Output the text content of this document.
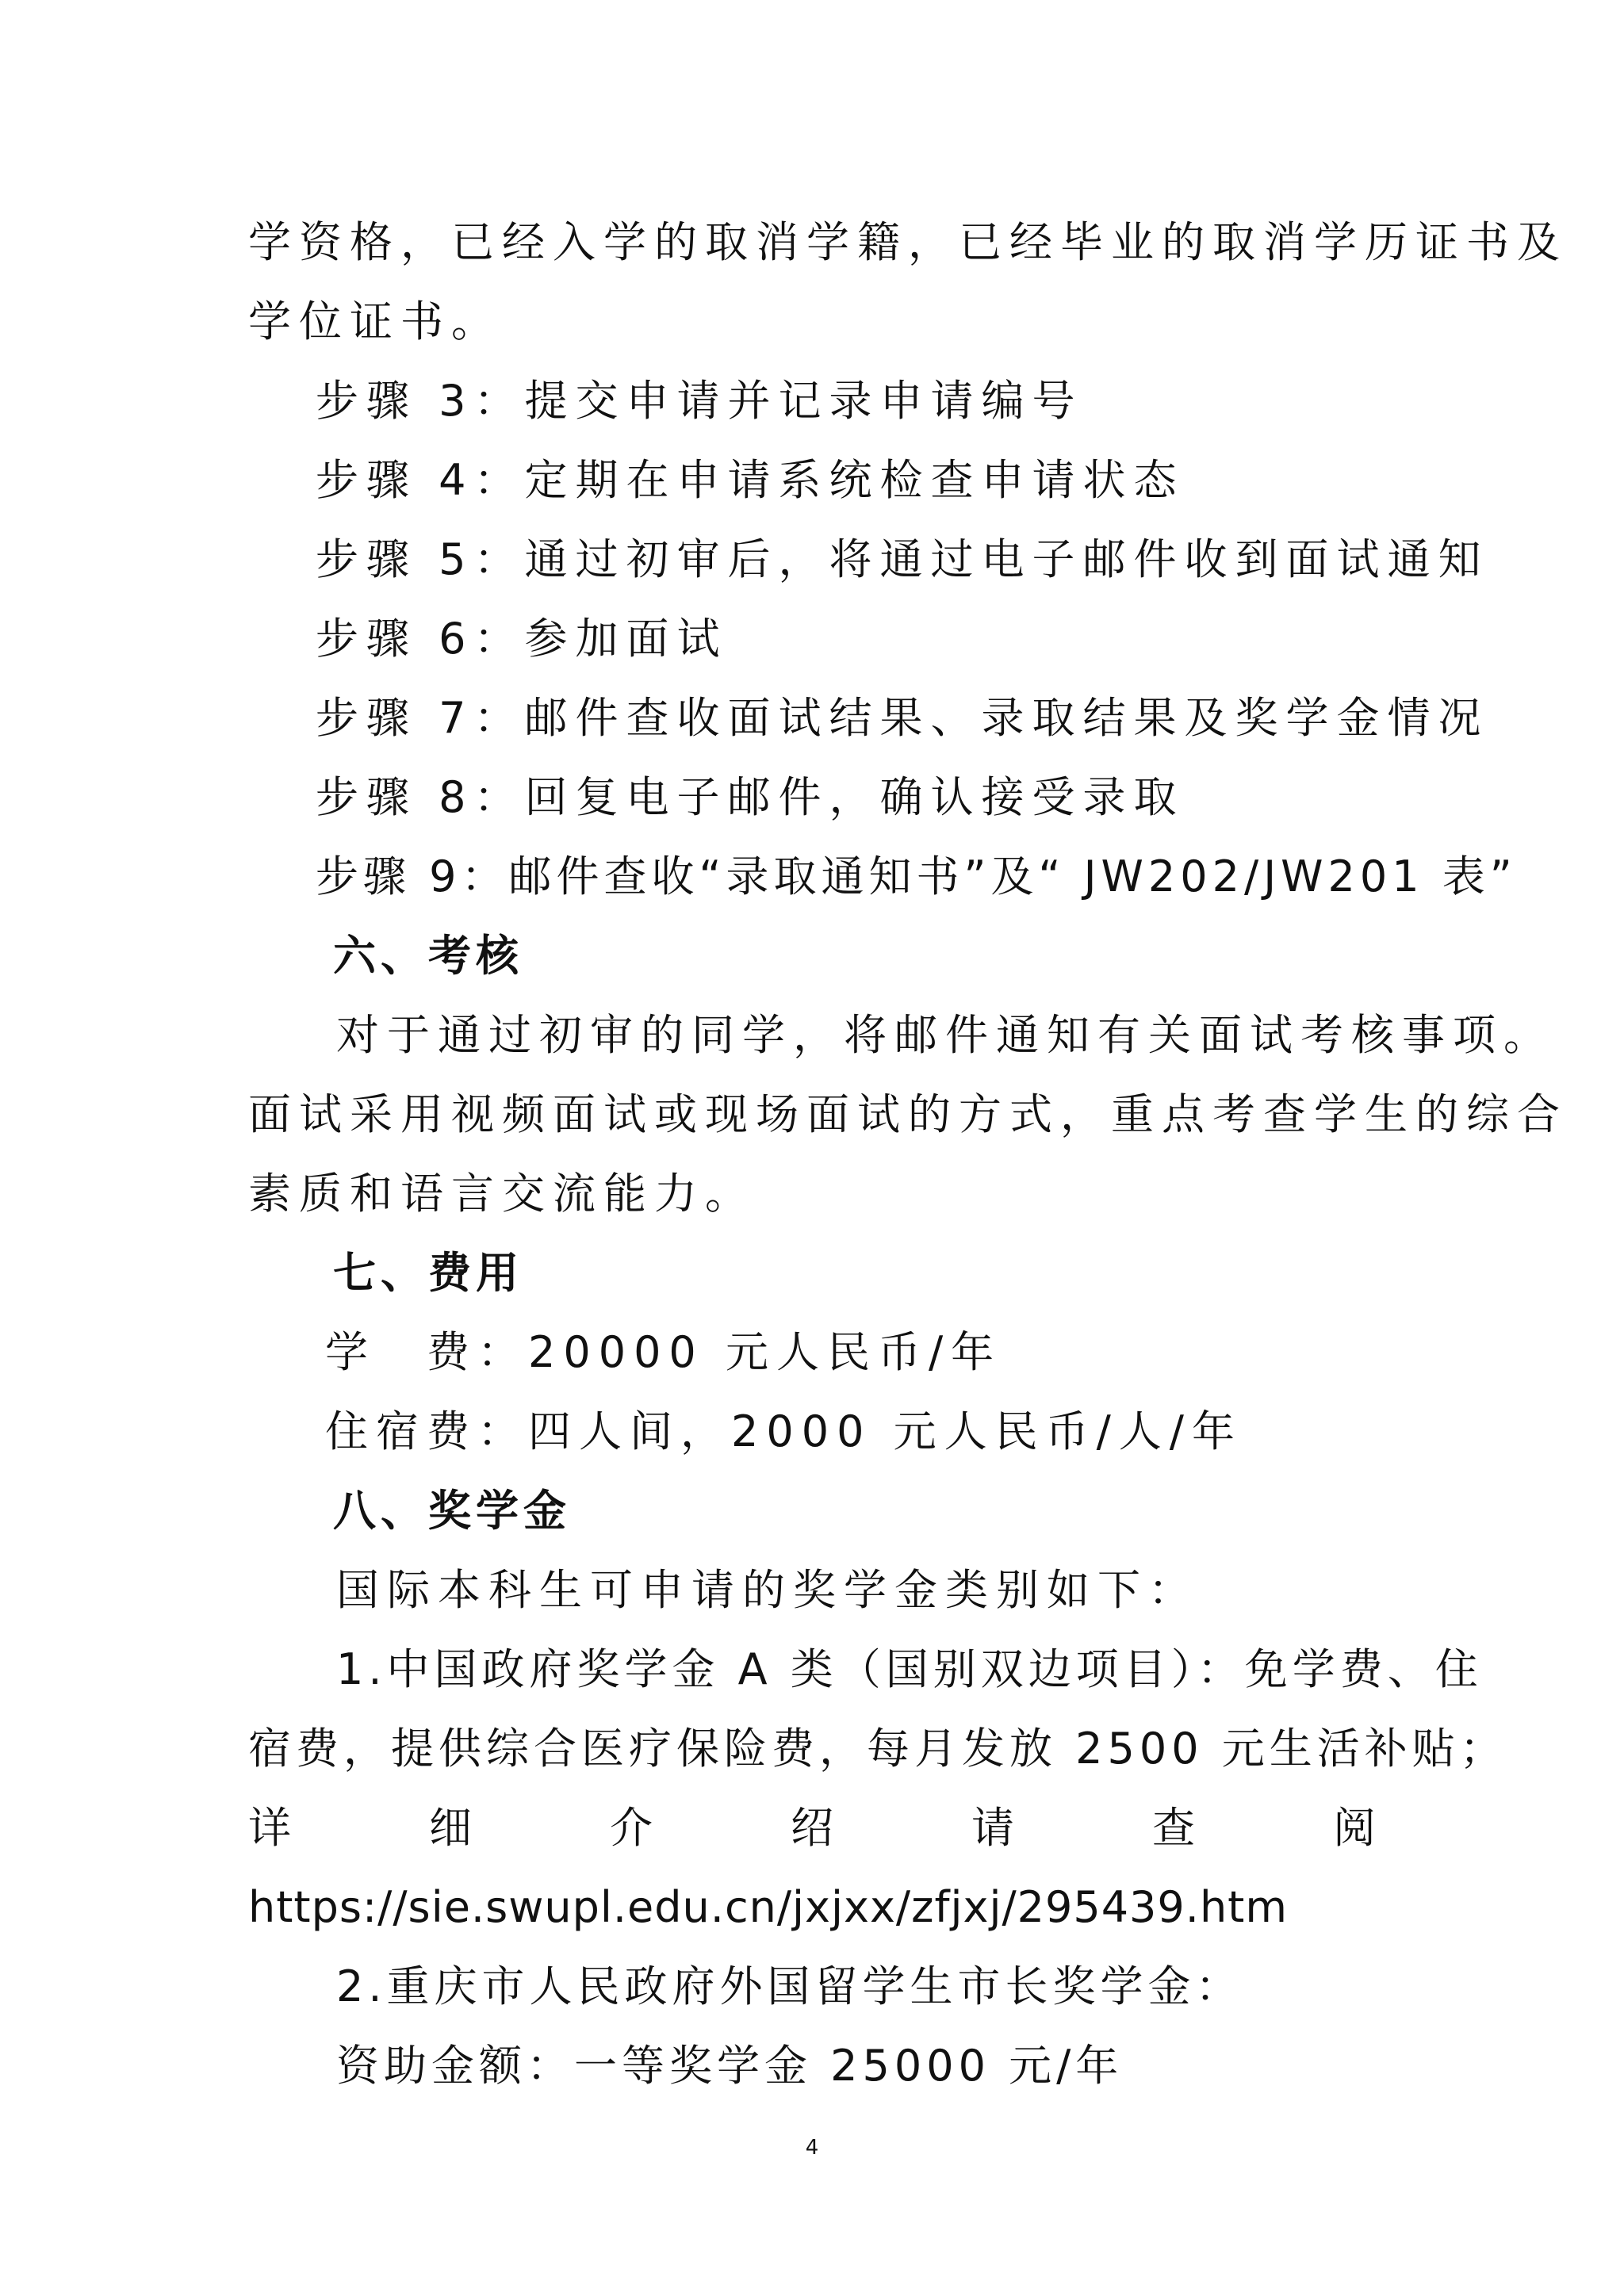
学资格，已经入学的取消学籍，已经毕业的取消学历证书及
学位证书。
步骤 3：提交申请并记录申请编号
步骤 4：定期在申请系统检查申请状态
步骤 5：通过初审后，将通过电子邮件收到面试通知
步骤 6：参加面试
步骤 7：邮件查收面试结果、录取结果及奖学金情况
步骤 8：回复电子邮件，确认接受录取
步骤 9：邮件查收“录取通知书”及“ JW202/JW201 表”
六、考核
对于通过初审的同学，将邮件通知有关面试考核事项。
面试采用视频面试或现场面试的方式，重点考查学生的综合
素质和语言交流能力。
七、费用
学　费：20000 元人民币/年
住宿费：四人间，2000 元人民币/人/年
八、奖学金
国际本科生可申请的奖学金类别如下：
1.中国政府奖学金 A 类（国别双边项目）：免学费、住
宿费，提供综合医疗保险费，每月发放 2500 元生活补贴；
详	细	介	绍	请	查	阅
https://sie.swupl.edu.cn/jxjxx/zfjxj/295439.htm
2.重庆市人民政府外国留学生市长奖学金：
资助金额：一等奖学金 25000 元/年
4
